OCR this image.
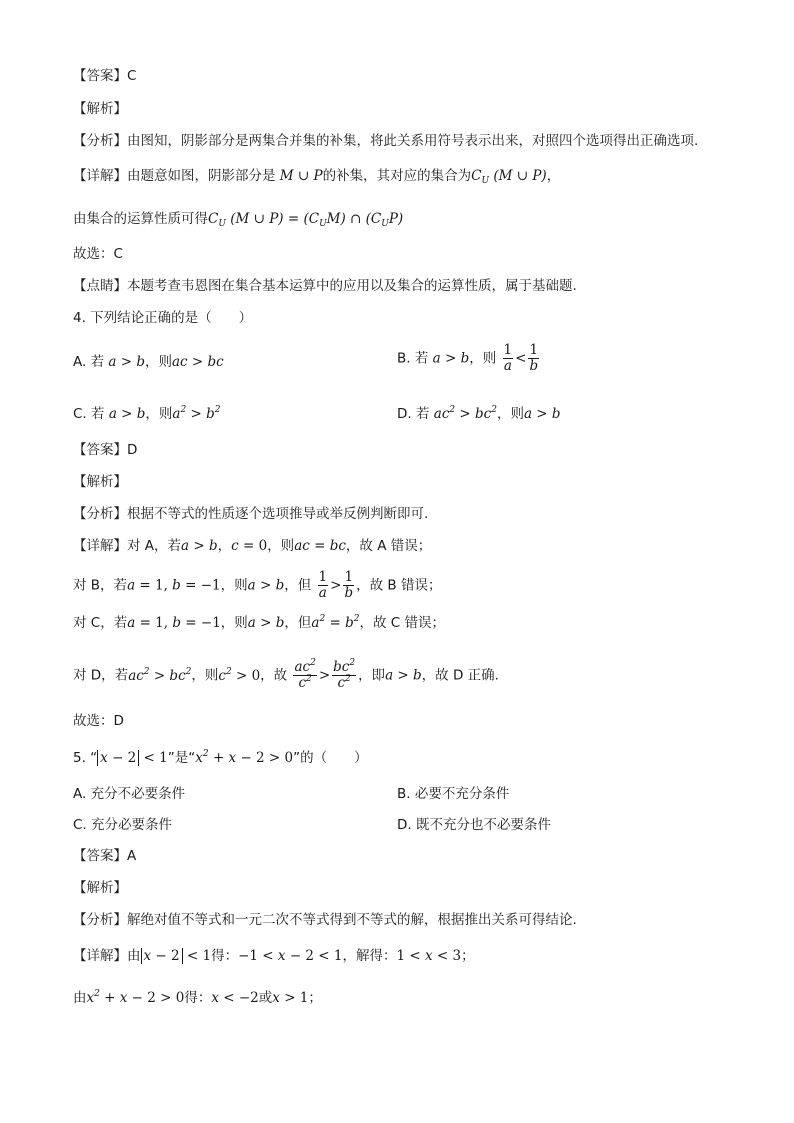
【答案】C
【解析】
【分析】由图知，阴影部分是两集合并集的补集，将此关系用符号表示出来，对照四个选项得出正确选项.
【详解】由题意如图，阴影部分是 M ∪ P的补集，其对应的集合为$C_U$ (M ∪ P)，
由集合的运算性质可得$C_U$ (M ∪ $P) = (C_UM)$ ∩ $(C_UP)$
故选：C
【点睛】本题考查韦恩图在集合基本运算中的应用以及集合的运算性质，属于基础题.
4. 下列结论正确的是（　　）
A. 若 a > b，则ac > bc	B. 若 a > b，则 $\frac{1}{a} < \frac{1}{b}$
C. 若 a > b，则$a^2 > b^2$	D. 若 $ac^2 > bc^2$，则a > b
【答案】D
【解析】
【分析】根据不等式的性质逐个选项推导或举反例判断即可.
【详解】对 A，若a > b，c = 0，则ac = bc，故 A 错误；
对 B，若a = 1, b = −1，则a > b，但 $\frac{1}{a} > \frac{1}{b}$ ，故 B 错误；
对 C，若a = 1, b = −1，则a > b，但$a^2 = b^2$，故 C 错误；
对 D，若$ac^2 > bc^2$，则$c^2 > 0$，故 $\frac{ac^2}{c^2} > \frac{bc^2}{c^2}$ ，即a > b，故 D 正确.
故选：D
5. “ x − 2 < 1”是“$x^2 + x - 2 > 0$”的（　　）
A. 充分不必要条件	B. 必要不充分条件
C. 充分必要条件	D. 既不充分也不必要条件
【答案】A
【解析】
【分析】解绝对值不等式和一元二次不等式得到不等式的解，根据推出关系可得结论.
【详解】由 x − 2 < 1得：−1 < x − 2 < 1，解得：1 < x < 3；
由$x^2 + x - 2 > 0$得：x < −2或x > 1；
